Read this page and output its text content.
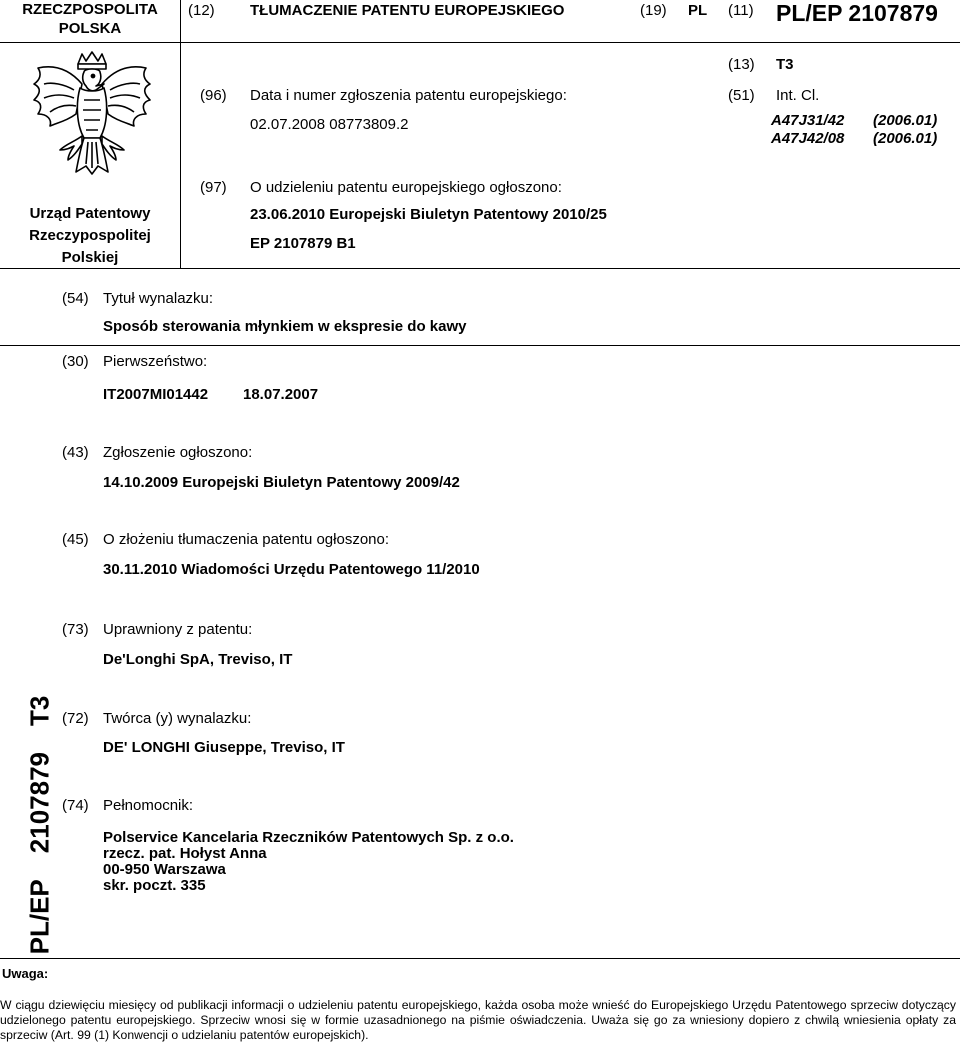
RZECZPOSPOLITA POLSKA
(12) TŁUMACZENIE PATENTU EUROPEJSKIEGO	(19) PL (11) PL/EP 2107879
Urząd Patentowy
Rzeczypospolitej
Polskiej
(13) T3
(96) Data i numer zgłoszenia patentu europejskiego:
02.07.2008 08773809.2
(51) Int. Cl.
A47J31/42 (2006.01)
A47J42/08 (2006.01)
(97) O udzieleniu patentu europejskiego ogłoszono:
23.06.2010 Europejski Biuletyn Patentowy 2010/25
EP 2107879 B1
(54) Tytuł wynalazku:
Sposób sterowania młynkiem w ekspresie do kawy
(30) Pierwszeństwo:
IT2007MI01442 18.07.2007
(43) Zgłoszenie ogłoszono:
14.10.2009 Europejski Biuletyn Patentowy 2009/42
(45) O złożeniu tłumaczenia patentu ogłoszono:
30.11.2010 Wiadomości Urzędu Patentowego 11/2010
(73) Uprawniony z patentu:
De'Longhi SpA, Treviso, IT
PL/EP2107879T3 (72) Twórca (y) wynalazku:
DE' LONGHI Giuseppe, Treviso, IT
(74) Pełnomocnik:
Polservice Kancelaria Rzeczników Patentowych Sp. z o.o.
rzecz. pat. Hołyst Anna
00-950 Warszawa
skr. poczt. 335
Uwaga:
W ciągu dziewięciu miesięcy od publikacji informacji o udzieleniu patentu europejskiego, każda osoba może wnieść do Europejskiego Urzędu Patentowego sprzeciw dotyczący udzielonego patentu europejskiego. Sprzeciw wnosi się w formie uzasadnionego na piśmie oświadczenia. Uważa się go za wniesiony dopiero z chwilą wniesienia opłaty za sprzeciw (Art. 99 (1) Konwencji o udzielaniu patentów europejskich).
